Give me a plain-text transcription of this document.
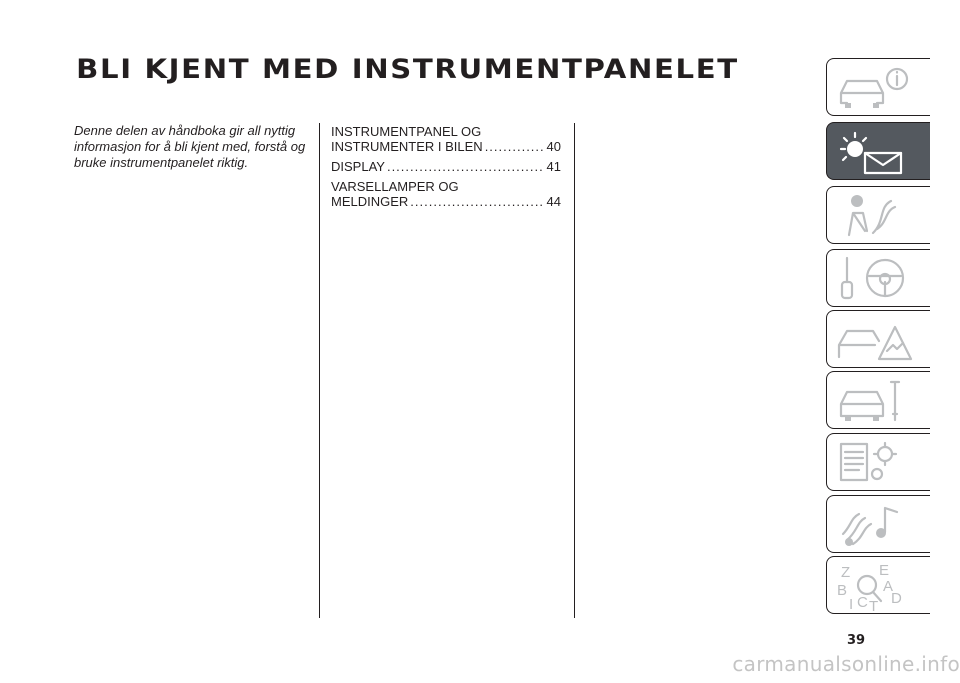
BLI KJENT MED INSTRUMENTPANELET
Denne delen av håndboka gir all nyttig informasjon for å bli kjent med, forstå og bruke instrumentpanelet riktig.
INSTRUMENTPANEL OG
INSTRUMENTER I BILEN .....	40
DISPLAY .....	41
VARSELLAMPER OG
MELDINGER .....	44
Z E
A
B
C D
T
I
39
carmanualsonline.info
